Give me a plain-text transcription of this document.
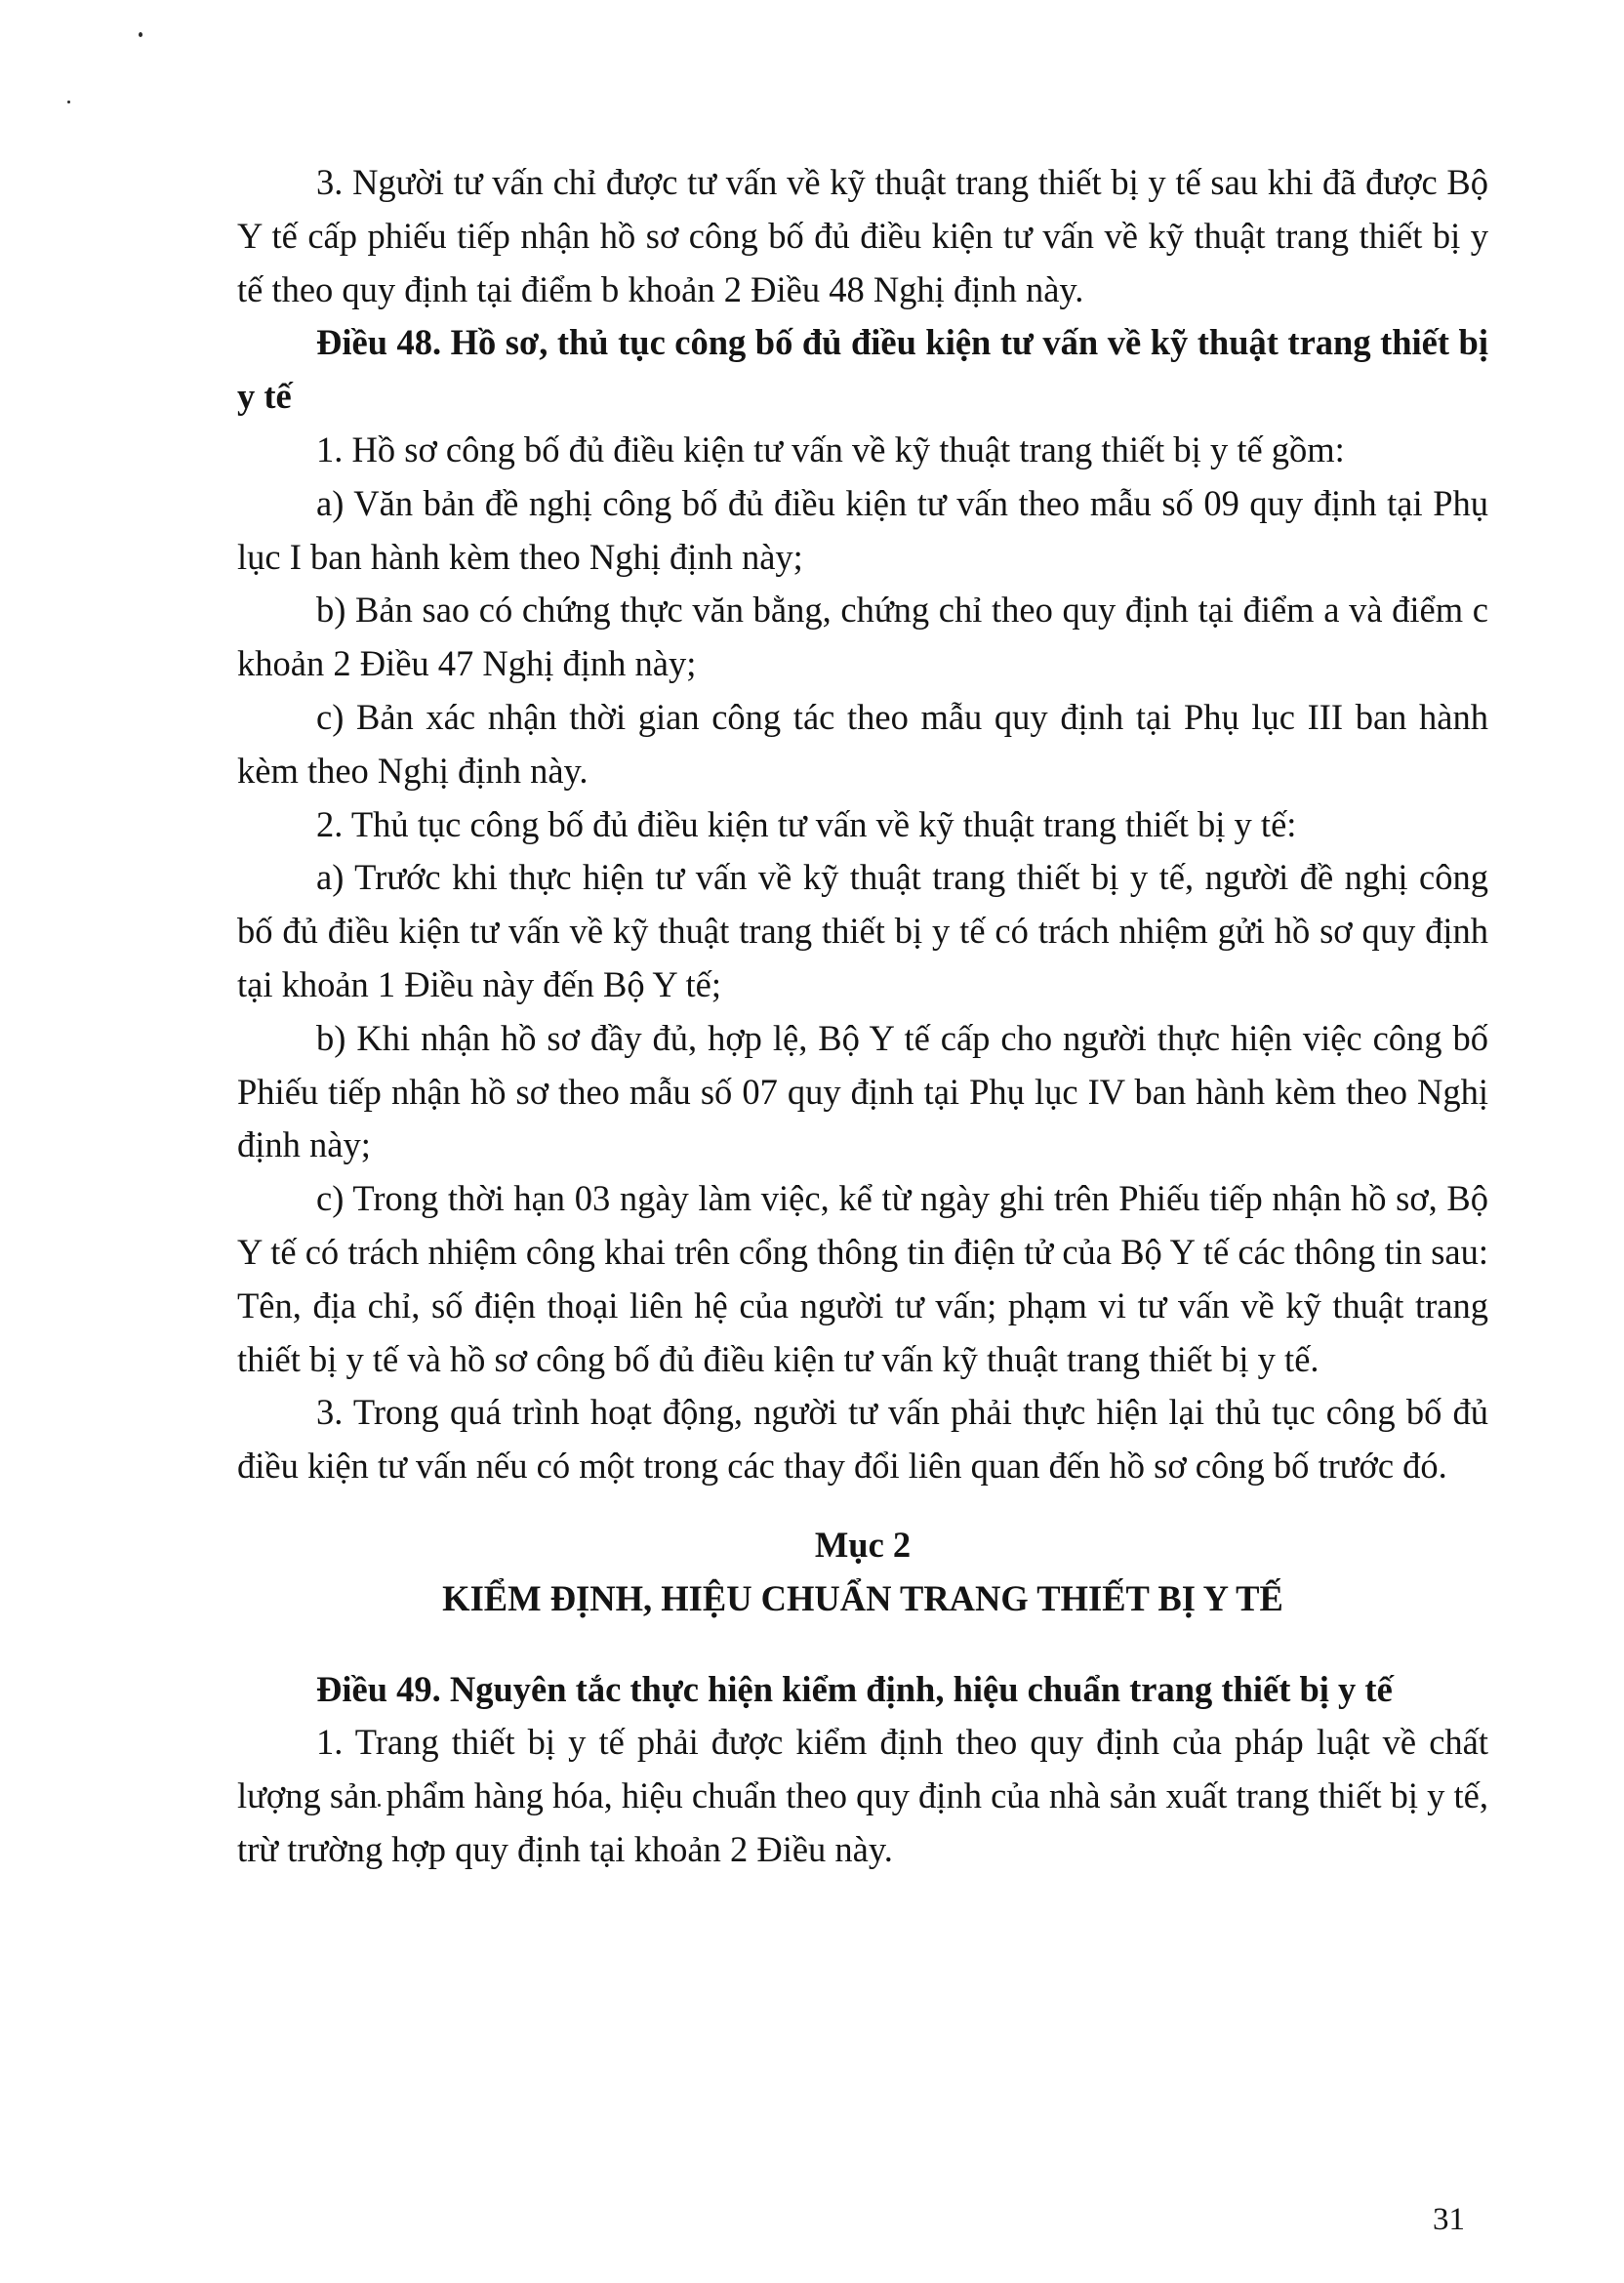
3. Người tư vấn chỉ được tư vấn về kỹ thuật trang thiết bị y tế sau khi đã được Bộ Y tế cấp phiếu tiếp nhận hồ sơ công bố đủ điều kiện tư vấn về kỹ thuật trang thiết bị y tế theo quy định tại điểm b khoản 2 Điều 48 Nghị định này.

Điều 48. Hồ sơ, thủ tục công bố đủ điều kiện tư vấn về kỹ thuật trang thiết bị y tế

1. Hồ sơ công bố đủ điều kiện tư vấn về kỹ thuật trang thiết bị y tế gồm:

a) Văn bản đề nghị công bố đủ điều kiện tư vấn theo mẫu số 09 quy định tại Phụ lục I ban hành kèm theo Nghị định này;

b) Bản sao có chứng thực văn bằng, chứng chỉ theo quy định tại điểm a và điểm c khoản 2 Điều 47 Nghị định này;

c) Bản xác nhận thời gian công tác theo mẫu quy định tại Phụ lục III ban hành kèm theo Nghị định này.

2. Thủ tục công bố đủ điều kiện tư vấn về kỹ thuật trang thiết bị y tế:

a) Trước khi thực hiện tư vấn về kỹ thuật trang thiết bị y tế, người đề nghị công bố đủ điều kiện tư vấn về kỹ thuật trang thiết bị y tế có trách nhiệm gửi hồ sơ quy định tại khoản 1 Điều này đến Bộ Y tế;

b) Khi nhận hồ sơ đầy đủ, hợp lệ, Bộ Y tế cấp cho người thực hiện việc công bố Phiếu tiếp nhận hồ sơ theo mẫu số 07 quy định tại Phụ lục IV ban hành kèm theo Nghị định này;

c) Trong thời hạn 03 ngày làm việc, kể từ ngày ghi trên Phiếu tiếp nhận hồ sơ, Bộ Y tế có trách nhiệm công khai trên cổng thông tin điện tử của Bộ Y tế các thông tin sau: Tên, địa chỉ, số điện thoại liên hệ của người tư vấn; phạm vi tư vấn về kỹ thuật trang thiết bị y tế và hồ sơ công bố đủ điều kiện tư vấn kỹ thuật trang thiết bị y tế.

3. Trong quá trình hoạt động, người tư vấn phải thực hiện lại thủ tục công bố đủ điều kiện tư vấn nếu có một trong các thay đổi liên quan đến hồ sơ công bố trước đó.

Mục 2

KIỂM ĐỊNH, HIỆU CHUẨN TRANG THIẾT BỊ Y TẾ

Điều 49. Nguyên tắc thực hiện kiểm định, hiệu chuẩn trang thiết bị y tế

1. Trang thiết bị y tế phải được kiểm định theo quy định của pháp luật về chất lượng sản phẩm hàng hóa, hiệu chuẩn theo quy định của nhà sản xuất trang thiết bị y tế, trừ trường hợp quy định tại khoản 2 Điều này.

31
